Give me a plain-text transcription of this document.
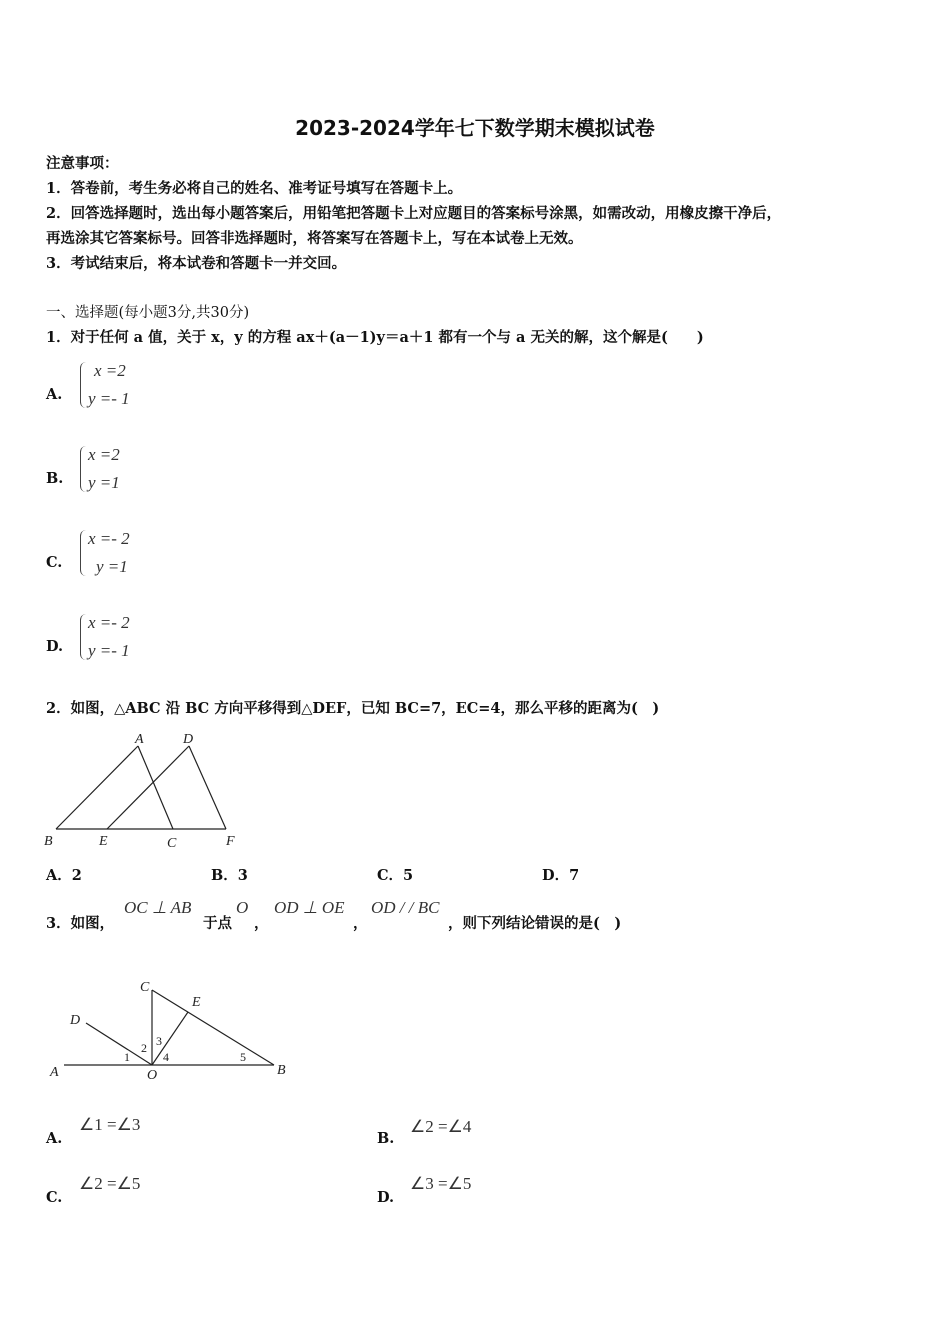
2023-2024学年七下数学期末模拟试卷
注意事项：
1．答卷前，考生务必将自己的姓名、准考证号填写在答题卡上。
2．回答选择题时，选出每小题答案后，用铅笔把答题卡上对应题目的答案标号涂黑，如需改动，用橡皮擦干净后，
再选涂其它答案标号。回答非选择题时，将答案写在答题卡上，写在本试卷上无效。
3．考试结束后，将本试卷和答题卡一并交回。
一、选择题(每小题3分,共30分)
1．对于任何 a 值，关于 x，y 的方程 ax＋(a－1)y＝a＋1 都有一个与 a 无关的解，这个解是(　　)
A.
x =2
y =- 1
B.
x =2
y =1
C.
x =- 2
y =1
D.
x =- 2
y =- 1
2．如图，△ABC 沿 BC 方向平移得到△DEF，已知 BC=7，EC=4，那么平移的距离为(　)
A	D
B	E	C	F
A．2	B．3	C．5	D．7
3．如图，
OC ⊥ AB
于点
O
，
OD ⊥ OE
，
OD / / BC
，则下列结论错误的是(　)
C
E
D
A	O	B
1
2 3
4	5
A.
∠1 =∠3
B.
∠2 =∠4
C.
∠2 =∠5
D.
∠3 =∠5
